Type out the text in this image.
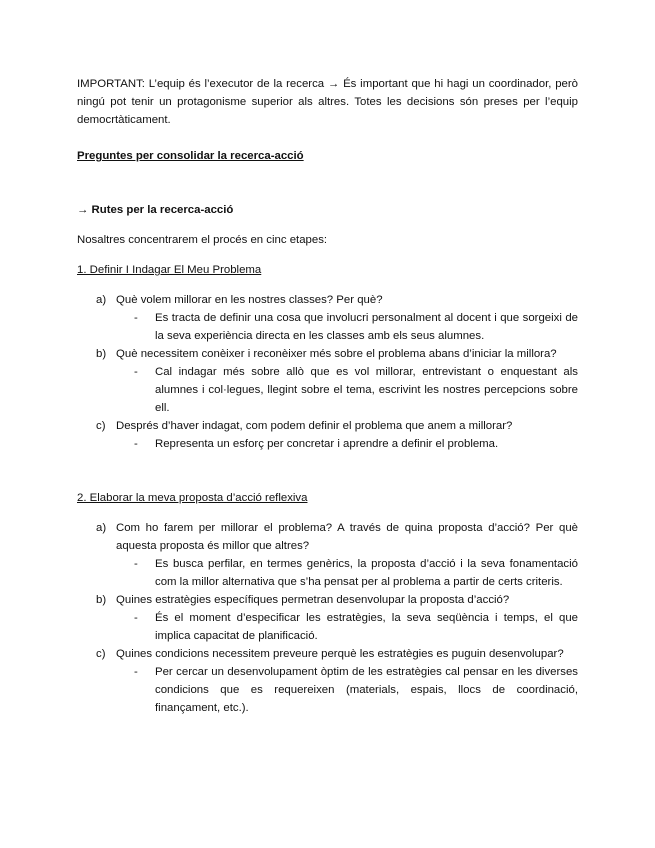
IMPORTANT: L’equip és l’executor de la recerca → És important que hi hagi un coordinador, però ningú pot tenir un protagonisme superior als altres. Totes les decisions són preses per l’equip democrtàticament.

Preguntes per consolidar la recerca-acció

→ Rutes per la recerca-acció

Nosaltres concentrarem el procés en cinc etapes:

1. Definir I Indagar El Meu Problema

a) Què volem millorar en les nostres classes? Per què?

- Es tracta de definir una cosa que involucri personalment al docent i que sorgeixi de la seva experiència directa en les classes amb els seus alumnes.

b) Què necessitem conèixer i reconèixer més sobre el problema abans d’iniciar la millora?

- Cal indagar més sobre allò que es vol millorar, entrevistant o enquestant als alumnes i col·legues, llegint sobre el tema, escrivint les nostres percepcions sobre ell.

c) Després d’haver indagat, com podem definir el problema que anem a millorar?

- Representa un esforç per concretar i aprendre a definir el problema.

2. Elaborar la meva proposta d’acció reflexiva

a) Com ho farem per millorar el problema? A través de quina proposta d’acció? Per què aquesta proposta és millor que altres?

- Es busca perfilar, en termes genèrics, la proposta d’acció i la seva fonamentació com la millor alternativa que s’ha pensat per al problema a partir de certs criteris.

b) Quines estratègies específiques permetran desenvolupar la proposta d’acció?

- És el moment d’especificar les estratègies, la seva seqüència i temps, el que implica capacitat de planificació.

c) Quines condicions necessitem preveure perquè les estratègies es puguin desenvolupar?

- Per cercar un desenvolupament òptim de les estratègies cal pensar en les diverses condicions que es requereixen (materials, espais, llocs de coordinació, finançament, etc.).
